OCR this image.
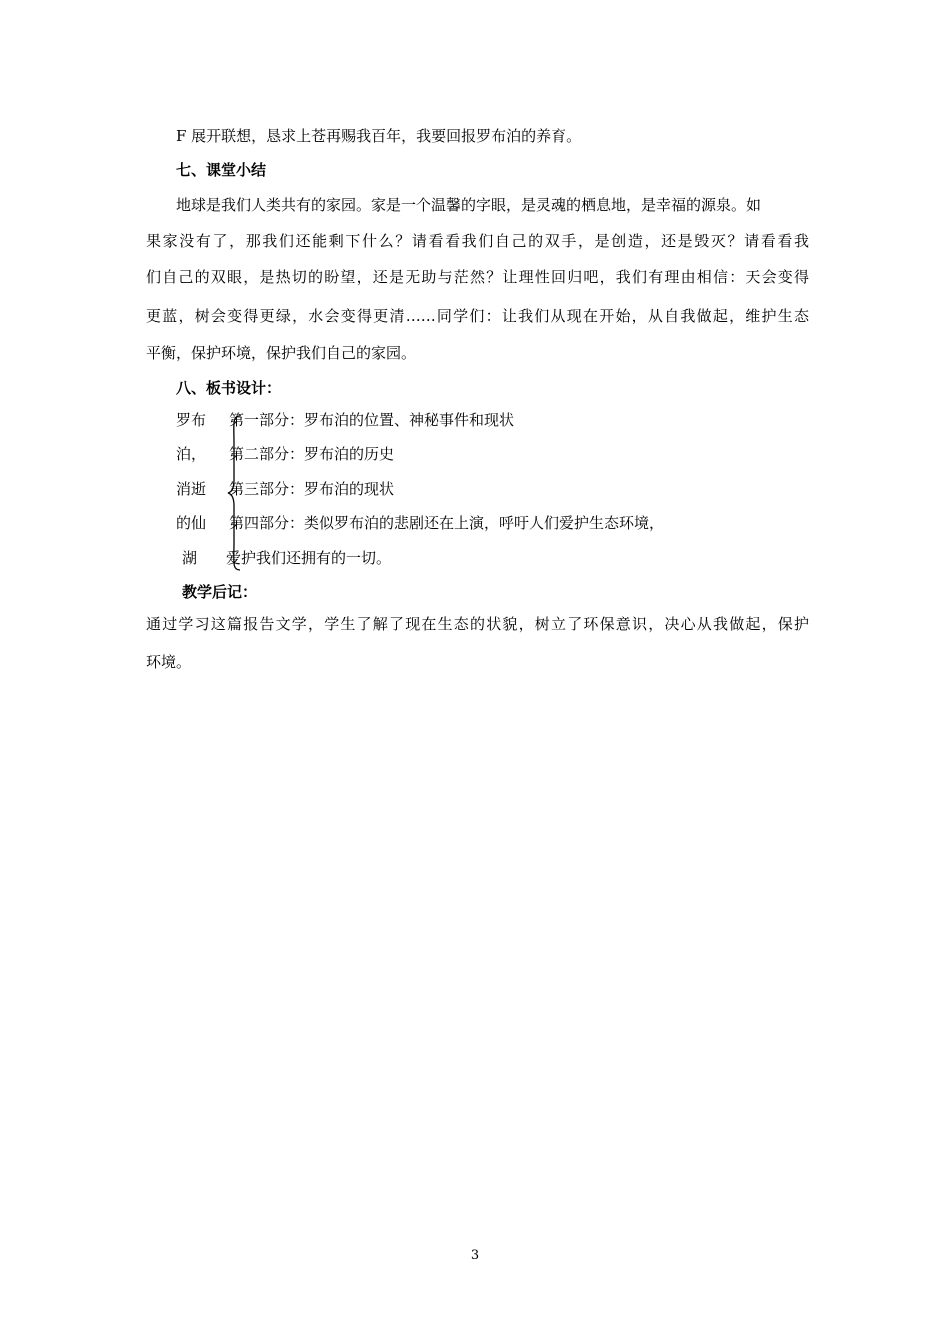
F 展开联想，恳求上苍再赐我百年，我要回报罗布泊的养育。
七、课堂小结
地球是我们人类共有的家园。家是一个温馨的字眼，是灵魂的栖息地，是幸福的源泉。如
果家没有了，那我们还能剩下什么？请看看我们自己的双手，是创造，还是毁灭？请看看我
们自己的双眼，是热切的盼望，还是无助与茫然？让理性回归吧，我们有理由相信：天会变得
更蓝，树会变得更绿，水会变得更清……同学们：让我们从现在开始，从自我做起，维护生态
平衡，保护环境，保护我们自己的家园。
八、板书设计：
罗布
泊，
消逝
的仙
湖
第一部分：罗布泊的位置、神秘事件和现状
第二部分：罗布泊的历史
第三部分：罗布泊的现状
第四部分：类似罗布泊的悲剧还在上演，呼吁人们爱护生态环境，
爱护我们还拥有的一切。
教学后记：
通过学习这篇报告文学，学生了解了现在生态的状貌，树立了环保意识，决心从我做起，保护
环境。
3
